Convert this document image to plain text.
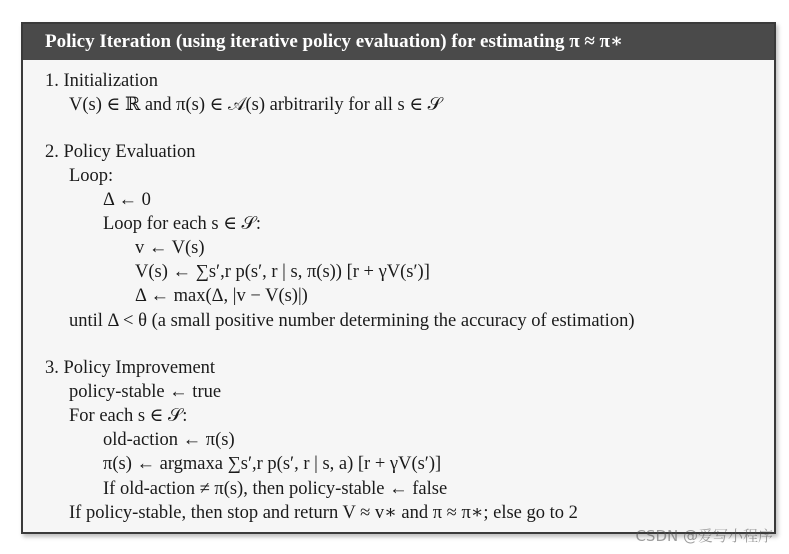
Policy Iteration (using iterative policy evaluation) for estimating π ≈ π∗
1. Initialization
V(s) ∈ ℝ and π(s) ∈ 𝒜(s) arbitrarily for all s ∈ 𝒮
2. Policy Evaluation
Loop:
Δ ← 0
Loop for each s ∈ 𝒮:
v ← V(s)
V(s) ← ∑s′,r p(s′, r | s, π(s)) [r + γV(s′)]
Δ ← max(Δ, |v − V(s)|)
until Δ < θ (a small positive number determining the accuracy of estimation)
3. Policy Improvement
policy-stable ← true
For each s ∈ 𝒮:
old-action ← π(s)
π(s) ← argmaxa ∑s′,r p(s′, r | s, a) [r + γV(s′)]
If old-action ≠ π(s), then policy-stable ← false
If policy-stable, then stop and return V ≈ v∗ and π ≈ π∗; else go to 2
CSDN @爱写小程序
